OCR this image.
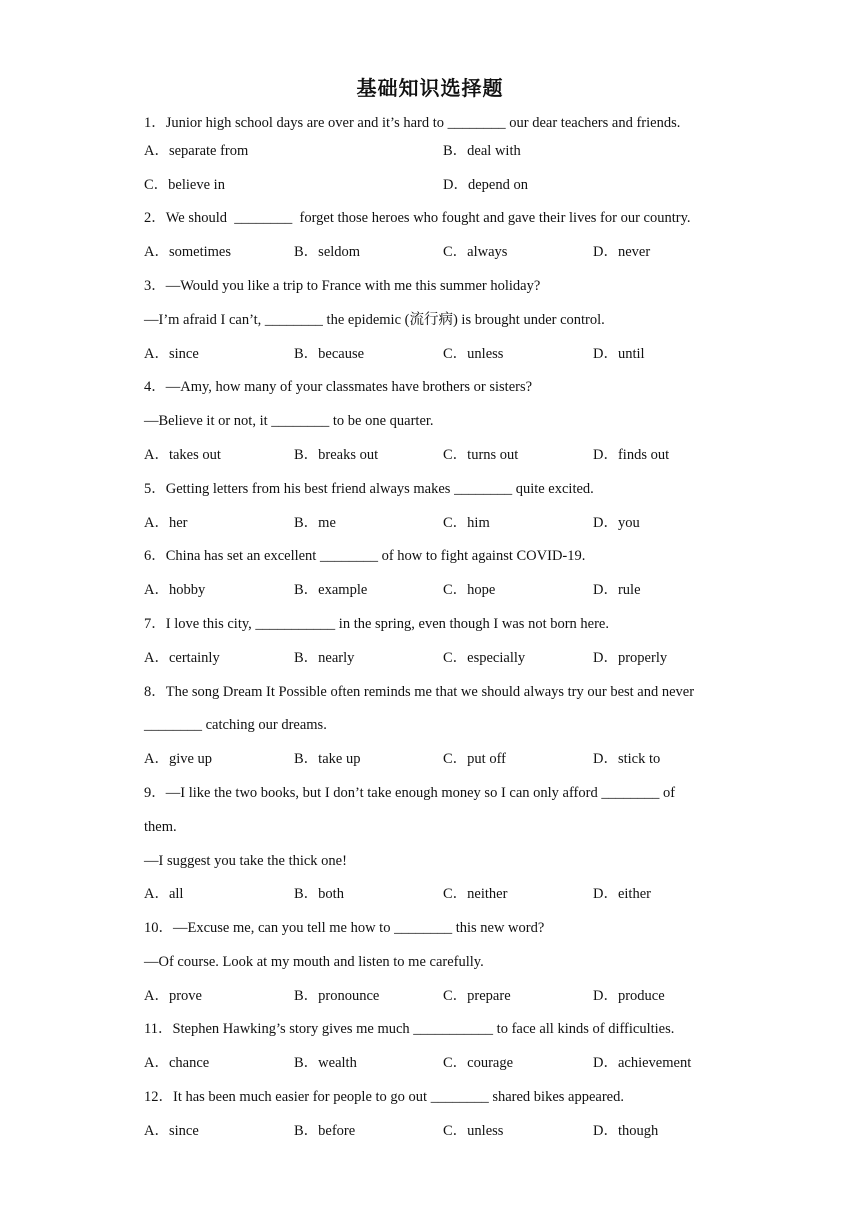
基础知识选择题
1．Junior high school days are over and it’s hard to ________ our dear teachers and friends.
A．separate from	B．deal with
C．believe in	D．depend on
2．We should  ________  forget those heroes who fought and gave their lives for our country.
A．sometimes	B．seldom	C．always	D．never
3．—Would you like a trip to France with me this summer holiday?
—I’m afraid I can’t, ________ the epidemic (流行病) is brought under control.
A．since	B．because	C．unless	D．until
4．—Amy, how many of your classmates have brothers or sisters?
—Believe it or not, it ________ to be one quarter.
A．takes out	B．breaks out	C．turns out	D．finds out
5．Getting letters from his best friend always makes ________ quite excited.
A．her	B．me	C．him	D．you
6．China has set an excellent ________ of how to fight against COVID-19.
A．hobby	B．example	C．hope	D．rule
7．I love this city, ___________ in the spring, even though I was not born here.
A．certainly	B．nearly	C．especially	D．properly
8．The song Dream It Possible often reminds me that we should always try our best and never
________ catching our dreams.
A．give up	B．take up	C．put off	D．stick to
9．—I like the two books, but I don’t take enough money so I can only afford ________ of
them.
—I suggest you take the thick one!
A．all	B．both	C．neither	D．either
10．—Excuse me, can you tell me how to ________ this new word?
—Of course. Look at my mouth and listen to me carefully.
A．prove	B．pronounce	C．prepare	D．produce
11．Stephen Hawking’s story gives me much ___________ to face all kinds of difficulties.
A．chance	B．wealth	C．courage	D．achievement
12．It has been much easier for people to go out ________ shared bikes appeared.
A．since	B．before	C．unless	D．though
